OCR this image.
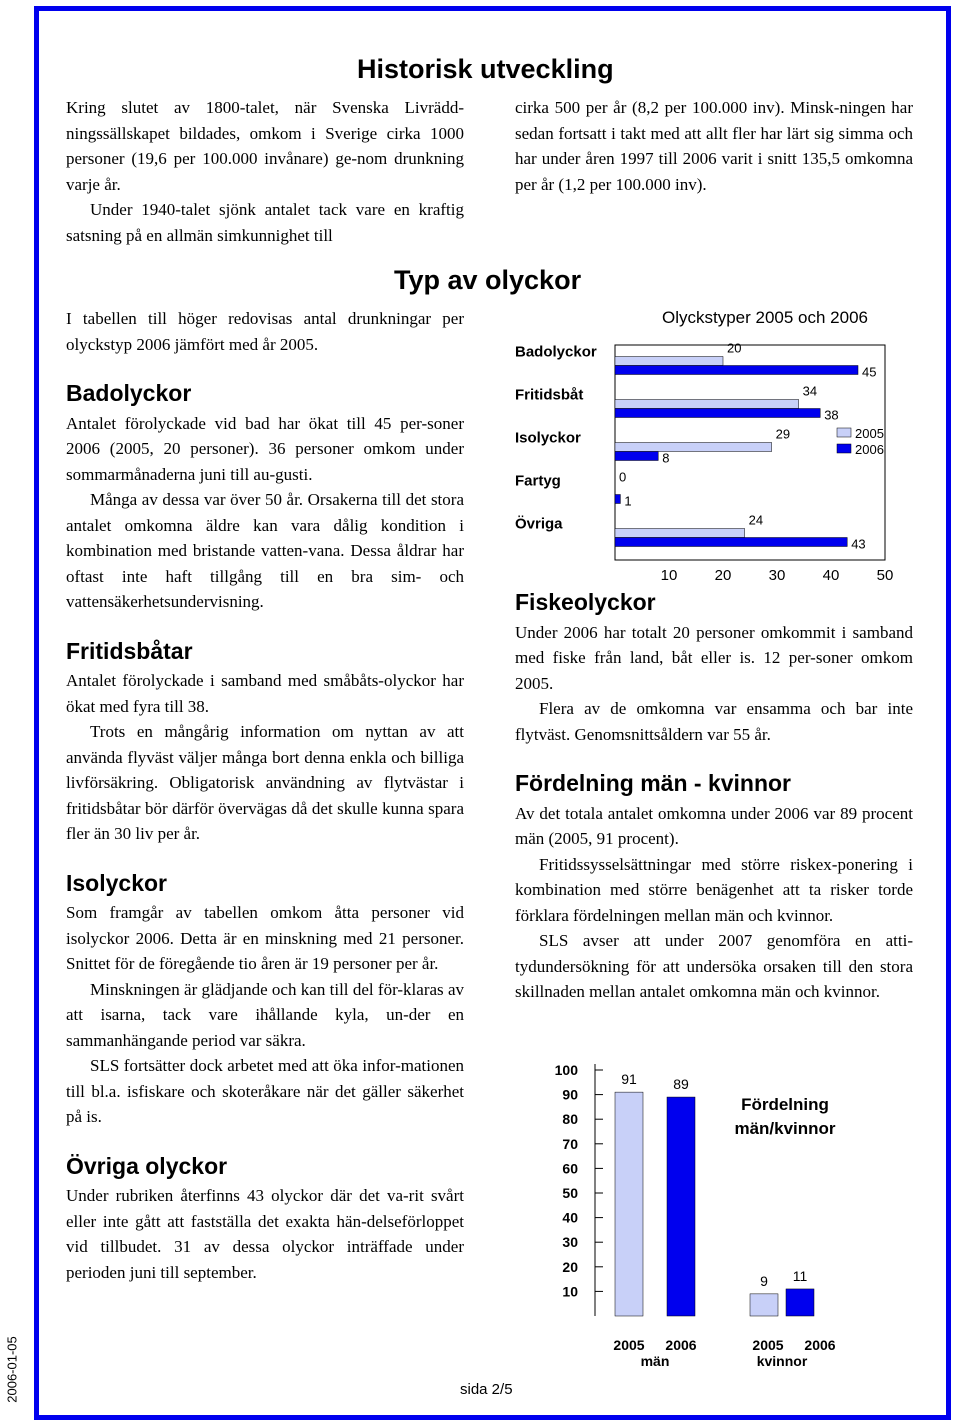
2006-01-05
Historisk utveckling

Kring slutet av 1800-talet, när Svenska Livrädd-ningssällskapet bildades, omkom i Sverige cirka 1000 personer (19,6 per 100.000 invånare) ge-nom drunkning varje år.

Under 1940-talet sjönk antalet tack vare en kraftig satsning på en allmän simkunnighet till

cirka 500 per år (8,2 per 100.000 inv). Minsk-ningen har sedan fortsatt i takt med att allt fler har lärt sig simma och har under åren 1997 till 2006 varit i snitt 135,5 omkomna per år (1,2 per 100.000 inv).

Typ av olyckor

I tabellen till höger redovisas antal drunkningar per olyckstyp 2006 jämfört med år 2005.

Badolyckor

Antalet förolyckade vid bad har ökat till 45 per-soner 2006 (2005, 20 personer). 36 personer omkom under sommarmånaderna juni till au-gusti.

Många av dessa var över 50 år. Orsakerna till det stora antalet omkomna äldre kan vara dålig kondition i kombination med bristande vatten-vana. Dessa åldrar har oftast inte haft tillgång till en bra sim- och vattensäkerhetsundervisning.

Fritidsbåtar

Antalet förolyckade i samband med småbåts-olyckor har ökat med fyra till 38.

Trots en mångårig information om nyttan av att använda flyväst väljer många bort denna enkla och billiga livförsäkring. Obligatorisk användning av flytvästar i fritidsbåtar bör därför övervägas då det skulle kunna spara fler än 30 liv per år.

Isolyckor

Som framgår av tabellen omkom åtta personer vid isolyckor 2006. Detta är en minskning med 21 personer. Snittet för de föregående tio åren är 19 personer per år.

Minskningen är glädjande och kan till del för-klaras av att isarna, tack vare ihållande kyla, un-der en sammanhängande period var säkra.

SLS fortsätter dock arbetet med att öka infor-mationen till bl.a. isfiskare och skoteråkare när det gäller säkerhet på is.

Övriga olyckor

Under rubriken återfinns 43 olyckor där det va-rit svårt eller inte gått att fastställa det exakta hän-delseförloppet vid tillbudet. 31 av dessa olyckor inträffade under perioden juni till september.

Olyckstyper 2005 och 2006
Badolyckor	20
45
Fritidsbåt	34
38
Isolyckor	29
8
Fartyg	0
1
Övriga	24
43
10 20 30 40 50
2005
2006
Fiskeolyckor

Under 2006 har totalt 20 personer omkommit i samband med fiske från land, båt eller is. 12 per-soner omkom 2005.

Flera av de omkomna var ensamma och bar inte flytväst. Genomsnittsåldern var 55 år.

Fördelning män - kvinnor

Av det totala antalet omkomna under 2006 var 89 procent män (2005, 91 procent).

Fritidssysselsättningar med större riskex-ponering i kombination med större benägenhet att ta risker torde förklara fördelningen mellan män och kvinnor.

SLS avser att under 2007 genomföra en atti-tydundersökning för att undersöka orsaken till den stora skillnaden mellan antalet omkomna män och kvinnor.

10
20
30
40
50
60
70
80
90
100
91	89
2005 2006
män
9 11
2005 2006
kvinnor
Fördelning
män/kvinnor
sida 2/5
